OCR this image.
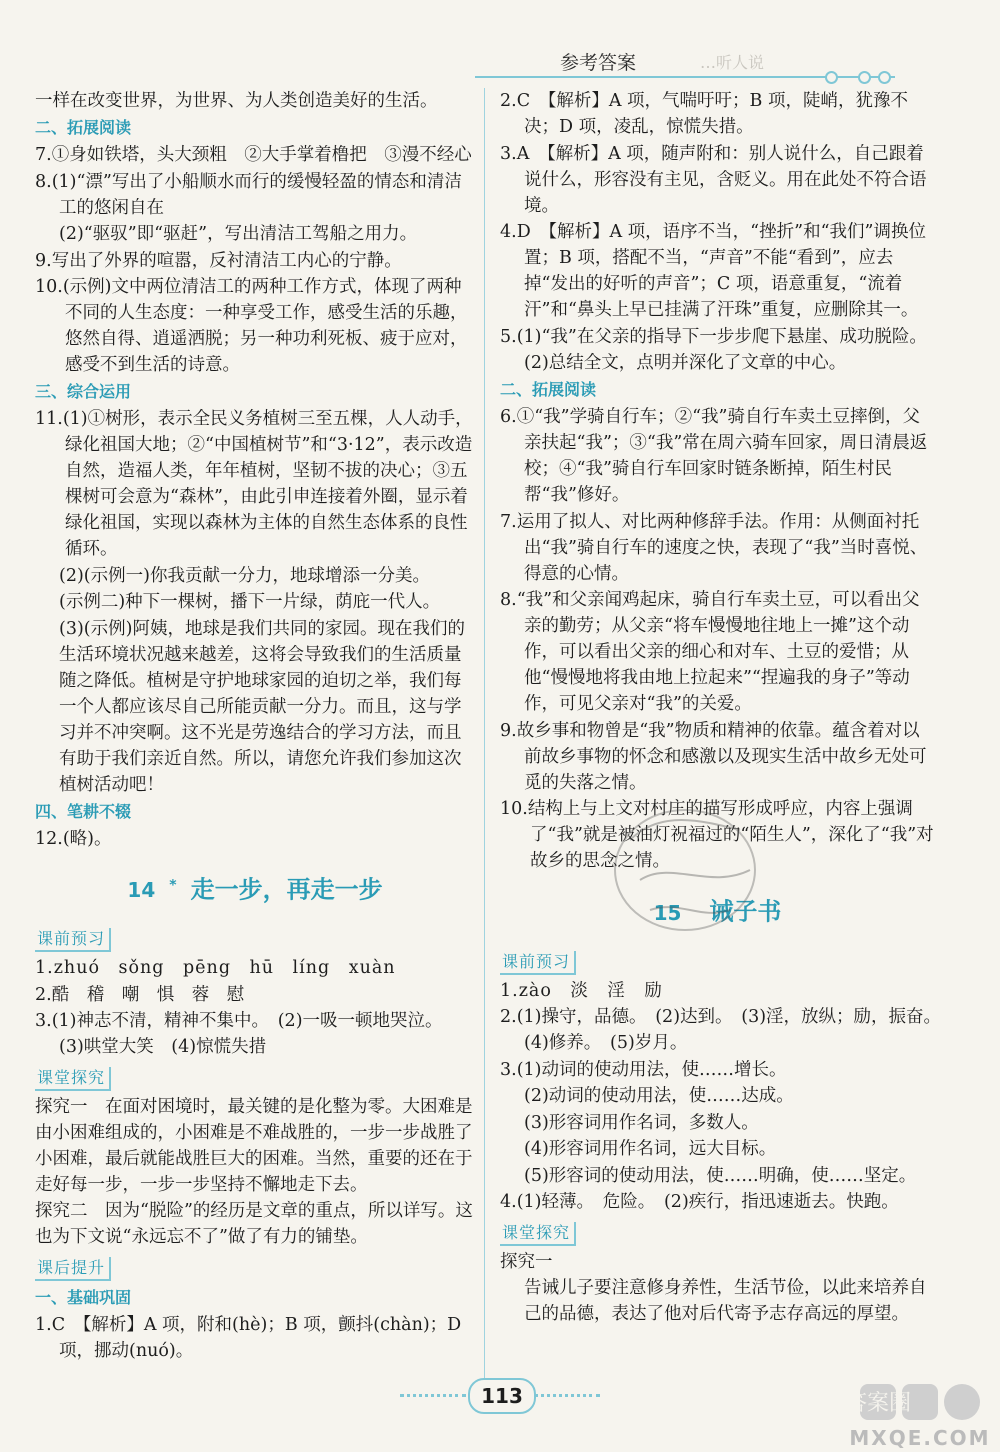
参考答案	…听人说
一样在改变世界，为世界、为人类创造美好的生活。
二、拓展阅读
7.①身如铁塔，头大颈粗　②大手掌着橹把　③漫不经心
8.(1)“漂”写出了小船顺水而行的缓慢轻盈的情态和清洁工的悠闲自在
(2)“驱驭”即“驱赶”，写出清洁工驾船之用力。
9.写出了外界的喧嚣，反衬清洁工内心的宁静。
10.(示例)文中两位清洁工的两种工作方式，体现了两种不同的人生态度：一种享受工作，感受生活的乐趣，悠然自得、逍遥洒脱；另一种功利死板、疲于应对，感受不到生活的诗意。
三、综合运用
11.(1)①树形，表示全民义务植树三至五棵，人人动手，绿化祖国大地；②“中国植树节”和“3·12”，表示改造自然，造福人类，年年植树，坚韧不拔的决心；③五棵树可会意为“森林”，由此引申连接着外圈，显示着绿化祖国，实现以森林为主体的自然生态体系的良性循环。
(2)(示例一)你我贡献一分力，地球增添一分美。
(示例二)种下一棵树，播下一片绿，荫庇一代人。
(3)(示例)阿姨，地球是我们共同的家园。现在我们的生活环境状况越来越差，这将会导致我们的生活质量随之降低。植树是守护地球家园的迫切之举，我们每一个人都应该尽自己所能贡献一分力。而且，这与学习并不冲突啊。这不光是劳逸结合的学习方法，而且有助于我们亲近自然。所以，请您允许我们参加这次植树活动吧！
四、笔耕不辍
12.(略)。
14 * 走一步，再走一步
课前预习
1.zhuó　sǒng　pēng　hū　líng　xuàn
2.酷　稽　嘲　惧　蓉　慰
3.(1)神志不清，精神不集中。　(2)一吸一顿地哭泣。　(3)哄堂大笑　(4)惊慌失措
课堂探究
探究一　在面对困境时，最关键的是化整为零。大困难是由小困难组成的，小困难是不难战胜的，一步一步战胜了小困难，最后就能战胜巨大的困难。当然，重要的还在于走好每一步，一步一步坚持不懈地走下去。
探究二　因为“脱险”的经历是文章的重点，所以详写。这也为下文说“永远忘不了”做了有力的铺垫。
课后提升
一、基础巩固
1.C　【解析】A 项，附和(hè)；B 项，颤抖(chàn)；D 项，挪动(nuó)。
2.C　【解析】A 项，气喘吁吁；B 项，陡峭，犹豫不决；D 项，凌乱，惊慌失措。
3.A　【解析】A 项，随声附和：别人说什么，自己跟着说什么，形容没有主见，含贬义。用在此处不符合语境。
4.D　【解析】A 项，语序不当，“挫折”和“我们”调换位置；B 项，搭配不当，“声音”不能“看到”，应去掉“发出的好听的声音”；C 项，语意重复，“流着汗”和“鼻头上早已挂满了汗珠”重复，应删除其一。
5.(1)“我”在父亲的指导下一步步爬下悬崖、成功脱险。
(2)总结全文，点明并深化了文章的中心。
二、拓展阅读
6.①“我”学骑自行车；②“我”骑自行车卖土豆摔倒，父亲扶起“我”；③“我”常在周六骑车回家，周日清晨返校；④“我”骑自行车回家时链条断掉，陌生村民帮“我”修好。
7.运用了拟人、对比两种修辞手法。作用：从侧面衬托出“我”骑自行车的速度之快，表现了“我”当时喜悦、得意的心情。
8.“我”和父亲闻鸡起床，骑自行车卖土豆，可以看出父亲的勤劳；从父亲“将车慢慢地往地上一摊”这个动作，可以看出父亲的细心和对车、土豆的爱惜；从他“慢慢地将我由地上拉起来”“捏遍我的身子”等动作，可见父亲对“我”的关爱。
9.故乡事和物曾是“我”物质和精神的依靠。蕴含着对以前故乡事物的怀念和感激以及现实生活中故乡无处可觅的失落之情。
10.结构上与上文对村庄的描写形成呼应，内容上强调了“我”就是被油灯祝福过的“陌生人”，深化了“我”对故乡的思念之情。
15 诫子书
课前预习
1.zào　淡　淫　励
2.(1)操守，品德。　(2)达到。　(3)淫，放纵；励，振奋。　(4)修养。　(5)岁月。
3.(1)动词的使动用法，使……增长。
(2)动词的使动用法，使……达成。
(3)形容词用作名词，多数人。
(4)形容词用作名词，远大目标。
(5)形容词的使动用法，使……明确，使……坚定。
4.(1)轻薄。　危险。　(2)疾行，指迅速逝去。快跑。
课堂探究
探究一
告诫儿子要注意修身养性，生活节俭，以此来培养自己的品德，表达了他对后代寄予志存高远的厚望。
113	答案圈
MXQE.COM
